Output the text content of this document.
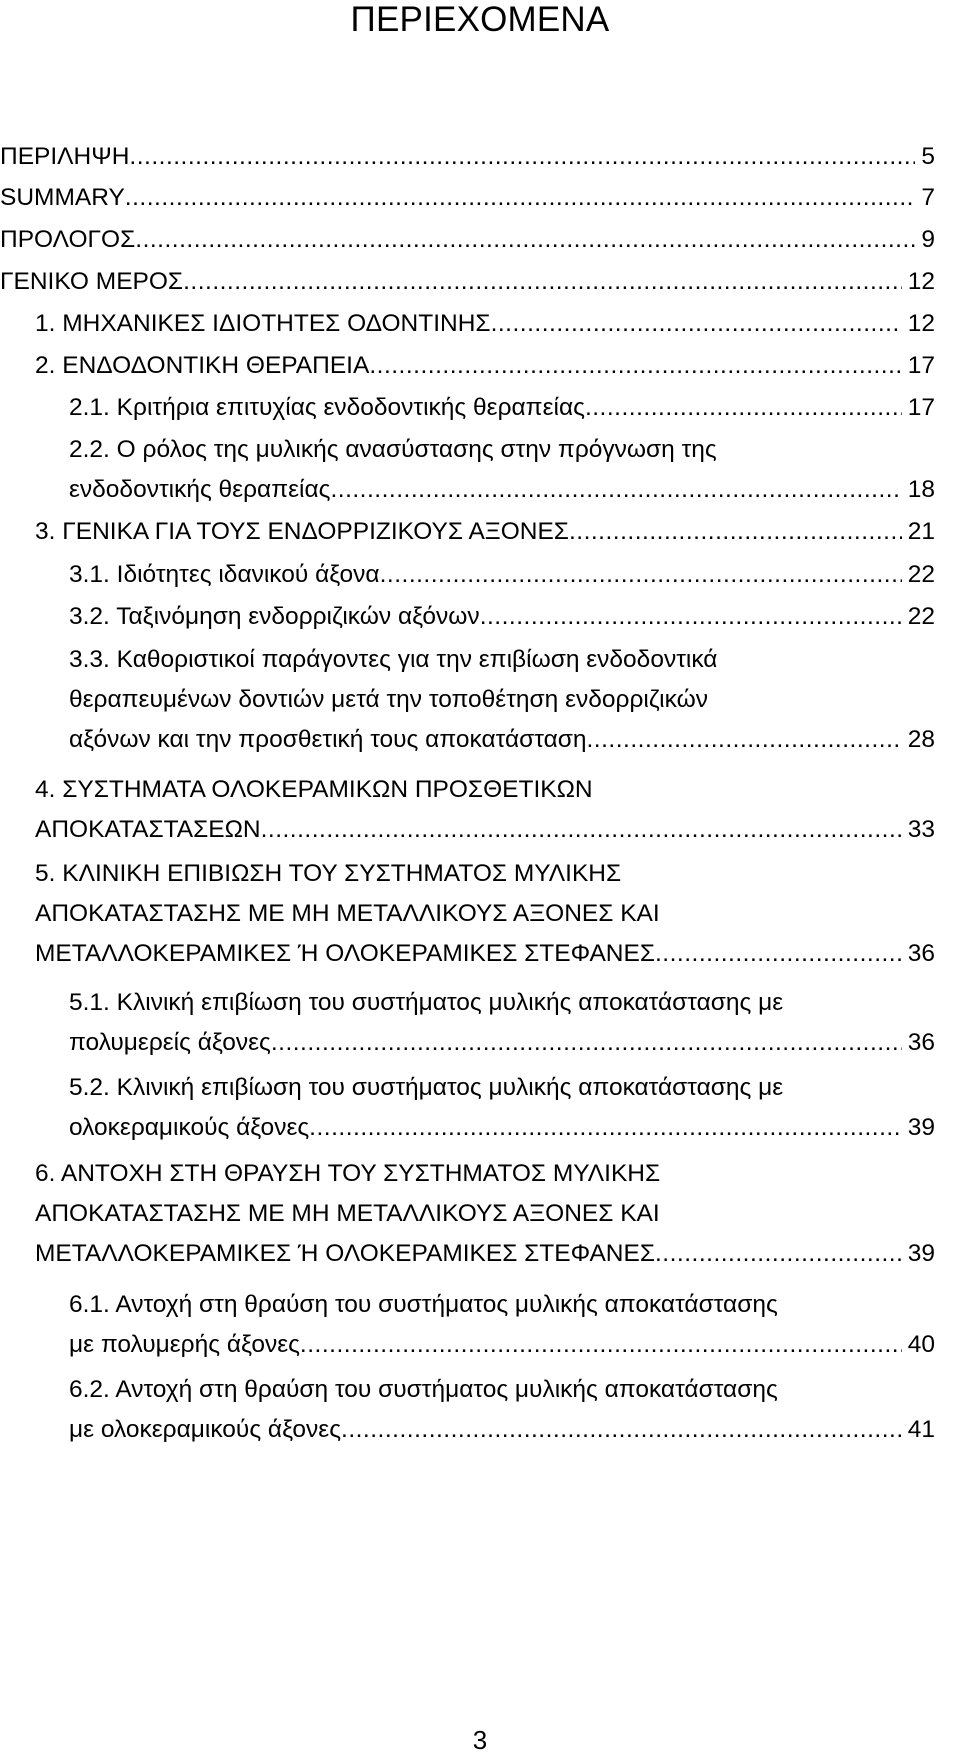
ΠΕΡΙΕΧΟΜΕΝΑ
ΠΕΡΙΛΗΨΗ .....	5
SUMMARY .....	7
ΠΡΟΛΟΓΟΣ .....	9
ΓΕΝΙΚΟ ΜΕΡΟΣ .....	12
1. ΜΗΧΑΝΙΚΕΣ ΙΔΙΟΤΗΤΕΣ ΟΔΟΝΤΙΝΗΣ .....	12
2. ΕΝΔΟΔΟΝΤΙΚΗ ΘΕΡΑΠΕΙΑ .....	17
2.1. Κριτήρια επιτυχίας ενδοδοντικής θεραπείας .....	17
2.2. Ο ρόλος της μυλικής ανασύστασης στην πρόγνωση της
ενδοδοντικής θεραπείας .....	18
3. ΓΕΝΙΚΑ ΓΙΑ ΤΟΥΣ ΕΝΔΟΡΡΙΖΙΚΟΥΣ ΑΞΟΝΕΣ .....	21
3.1. Ιδιότητες ιδανικού άξονα .....	22
3.2. Ταξινόμηση ενδορριζικών αξόνων .....	22
3.3. Καθοριστικοί παράγοντες για την επιβίωση ενδοδοντικά
θεραπευμένων δοντιών μετά την τοποθέτηση ενδορριζικών
αξόνων και την προσθετική τους αποκατάσταση .....	28
4. ΣΥΣΤΗΜΑΤΑ ΟΛΟΚΕΡΑΜΙΚΩΝ ΠΡΟΣΘΕΤΙΚΩΝ
ΑΠΟΚΑΤΑΣΤΑΣΕΩΝ .....	33
5. ΚΛΙΝΙΚΗ ΕΠΙΒΙΩΣΗ ΤΟΥ ΣΥΣΤΗΜΑΤΟΣ ΜΥΛΙΚΗΣ
ΑΠΟΚΑΤΑΣΤΑΣΗΣ ΜΕ ΜΗ ΜΕΤΑΛΛΙΚΟΥΣ ΑΞΟΝΕΣ ΚΑΙ
ΜΕΤΑΛΛΟΚΕΡΑΜΙΚΕΣ Ή ΟΛΟΚΕΡΑΜΙΚΕΣ ΣΤΕΦΑΝΕΣ .....	36
5.1. Κλινική επιβίωση του συστήματος μυλικής αποκατάστασης με
πολυμερείς άξονες .....	36
5.2. Κλινική επιβίωση του συστήματος μυλικής αποκατάστασης με
ολοκεραμικούς άξονες .....	39
6. ΑΝΤΟΧΗ ΣΤΗ ΘΡΑΥΣΗ ΤΟΥ ΣΥΣΤΗΜΑΤΟΣ ΜΥΛΙΚΗΣ
ΑΠΟΚΑΤΑΣΤΑΣΗΣ ΜΕ ΜΗ ΜΕΤΑΛΛΙΚΟΥΣ ΑΞΟΝΕΣ ΚΑΙ
ΜΕΤΑΛΛΟΚΕΡΑΜΙΚΕΣ Ή ΟΛΟΚΕΡΑΜΙΚΕΣ ΣΤΕΦΑΝΕΣ .....	39
6.1. Αντοχή στη θραύση του συστήματος μυλικής αποκατάστασης
με πολυμερής άξονες .....	40
6.2. Αντοχή στη θραύση του συστήματος μυλικής αποκατάστασης
με ολοκεραμικούς άξονες .....	41
3
